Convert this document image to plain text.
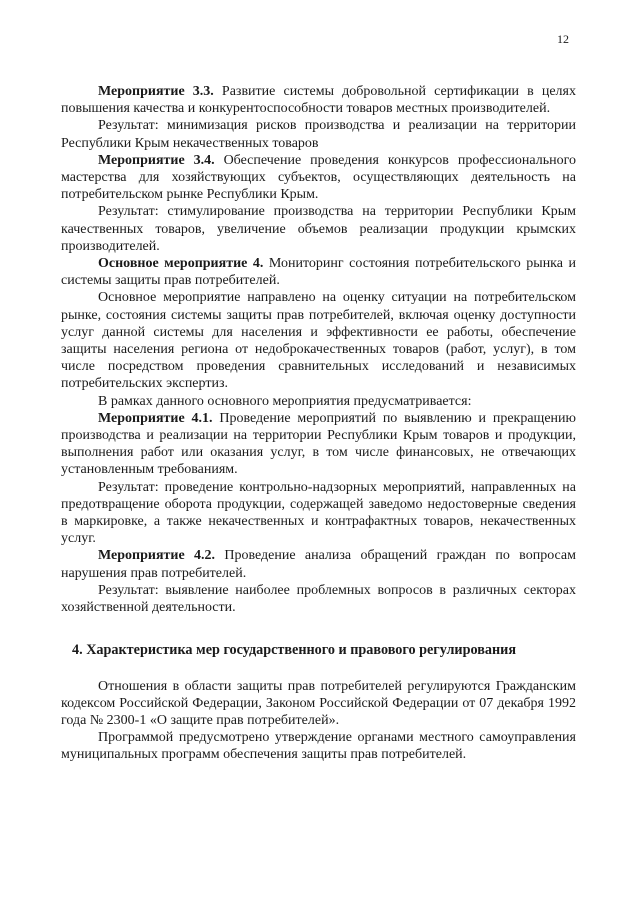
12

Мероприятие 3.3. Развитие системы добровольной сертификации в целях повышения качества и конкурентоспособности товаров местных производителей.

Результат: минимизация рисков производства и реализации на территории Республики Крым некачественных товаров

Мероприятие 3.4. Обеспечение проведения конкурсов профессионального мастерства для хозяйствующих субъектов, осуществляющих деятельность на потребительском рынке Республики Крым.

Результат: стимулирование производства на территории Республики Крым качественных товаров, увеличение объемов реализации продукции крымских производителей.

Основное мероприятие 4. Мониторинг состояния потребительского рынка и системы защиты прав потребителей.

Основное мероприятие направлено на оценку ситуации на потребительском рынке, состояния системы защиты прав потребителей, включая оценку доступности услуг данной системы для населения и эффективности ее работы, обеспечение защиты населения региона от недоброкачественных товаров (работ, услуг), в том числе посредством проведения сравнительных исследований и независимых потребительских экспертиз.

В рамках данного основного мероприятия предусматривается:

Мероприятие 4.1. Проведение мероприятий по выявлению и прекращению производства и реализации на территории Республики Крым товаров и продукции, выполнения работ или оказания услуг, в том числе финансовых, не отвечающих установленным требованиям.

Результат: проведение контрольно-надзорных мероприятий, направленных на предотвращение оборота продукции, содержащей заведомо недостоверные сведения в маркировке, а также некачественных и контрафактных товаров, некачественных услуг.

Мероприятие 4.2. Проведение анализа обращений граждан по вопросам нарушения прав потребителей.

Результат: выявление наиболее проблемных вопросов в различных секторах хозяйственной деятельности.

4. Характеристика мер государственного и правового регулирования

Отношения в области защиты прав потребителей регулируются Гражданским кодексом Российской Федерации, Законом Российской Федерации от 07 декабря 1992 года № 2300-1 «О защите прав потребителей».

Программой предусмотрено утверждение органами местного самоуправления муниципальных программ обеспечения защиты прав потребителей.
